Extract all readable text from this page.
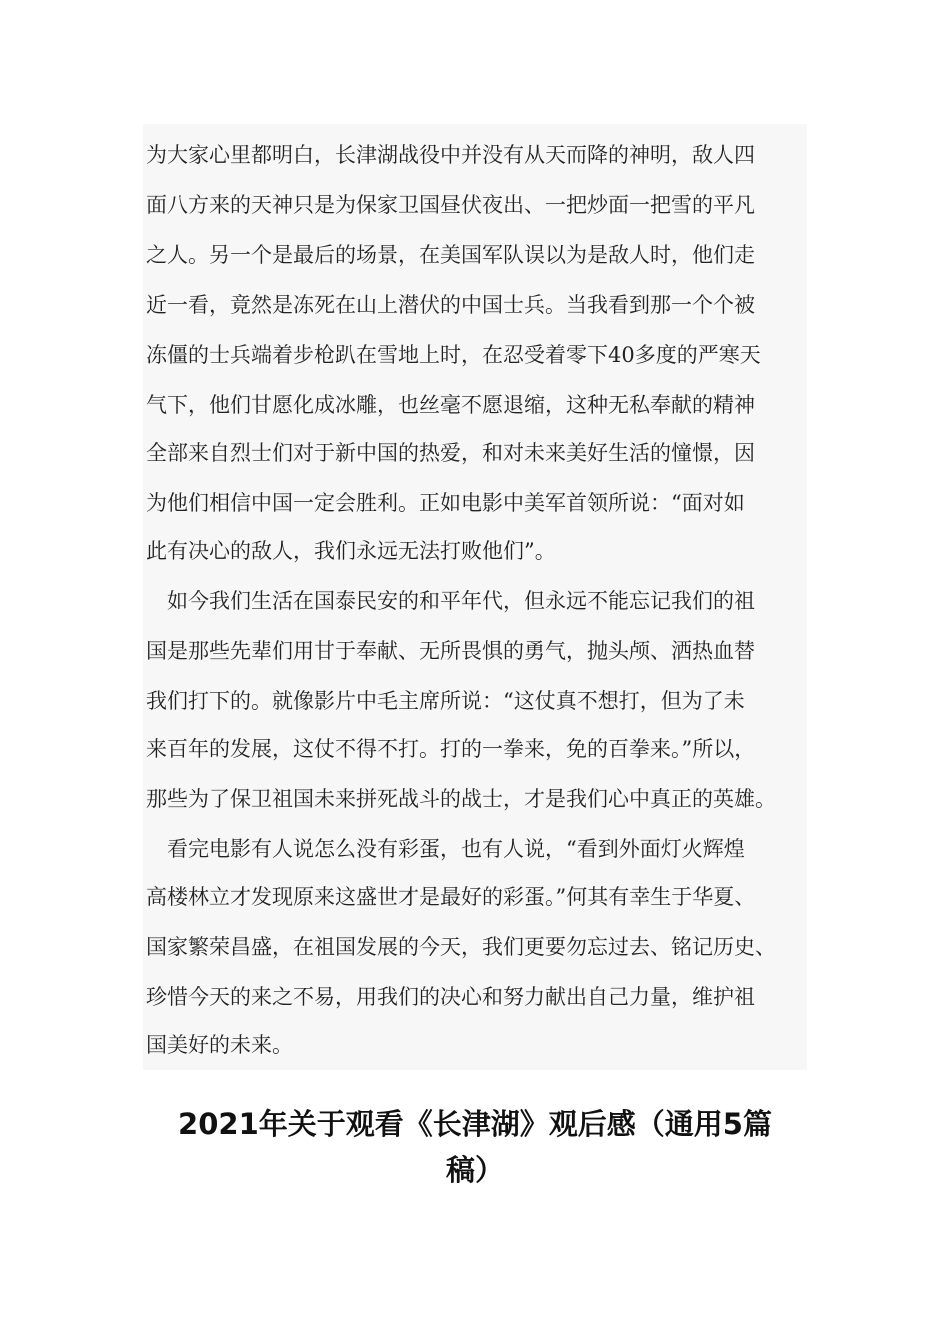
为大家心里都明白，长津湖战役中并没有从天而降的神明，敌人四
面八方来的天神只是为保家卫国昼伏夜出、一把炒面一把雪的平凡
之人。另一个是最后的场景，在美国军队误以为是敌人时，他们走
近一看，竟然是冻死在山上潜伏的中国士兵。当我看到那一个个被
冻僵的士兵端着步枪趴在雪地上时，在忍受着零下40多度的严寒天
气下，他们甘愿化成冰雕，也丝毫不愿退缩，这种无私奉献的精神
全部来自烈士们对于新中国的热爱，和对未来美好生活的憧憬，因
为他们相信中国一定会胜利。正如电影中美军首领所说：“面对如
此有决心的敌人，我们永远无法打败他们”。
　如今我们生活在国泰民安的和平年代，但永远不能忘记我们的祖
国是那些先辈们用甘于奉献、无所畏惧的勇气，抛头颅、洒热血替
我们打下的。就像影片中毛主席所说：“这仗真不想打，但为了未
来百年的发展，这仗不得不打。打的一拳来，免的百拳来。”所以，
那些为了保卫祖国未来拼死战斗的战士，才是我们心中真正的英雄。
　看完电影有人说怎么没有彩蛋，也有人说，“看到外面灯火辉煌
高楼林立才发现原来这盛世才是最好的彩蛋。”何其有幸生于华夏、
国家繁荣昌盛，在祖国发展的今天，我们更要勿忘过去、铭记历史、
珍惜今天的来之不易，用我们的决心和努力献出自己力量，维护祖
国美好的未来。
2021年关于观看《长津湖》观后感（通用5篇
稿）
